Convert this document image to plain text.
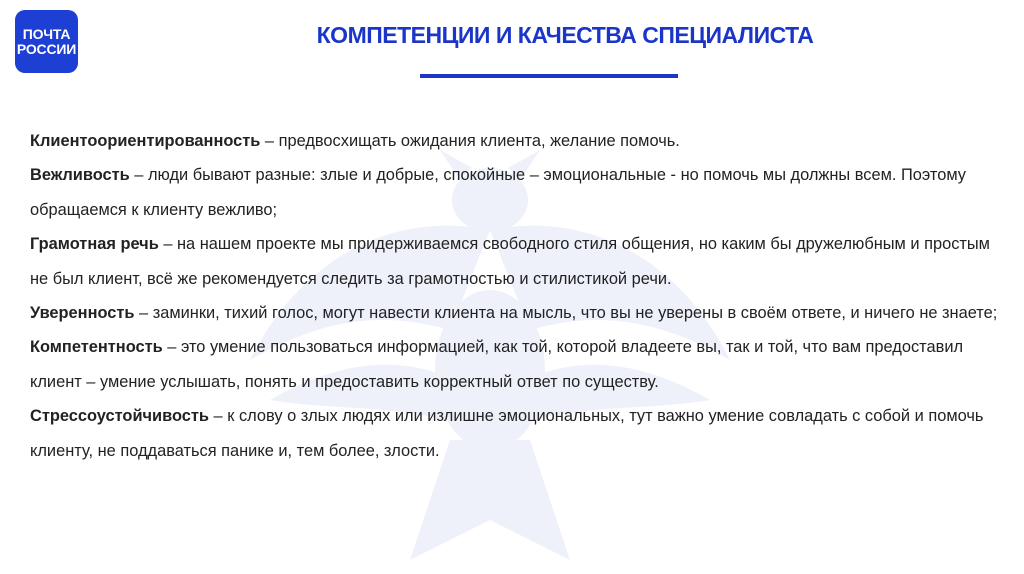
ПОЧТА
РОССИИ
КОМПЕТЕНЦИИ И КАЧЕСТВА СПЕЦИАЛИСТА

Клиентоориентированность – предвосхищать ожидания клиента, желание помочь.

Вежливость – люди бывают разные: злые и добрые, спокойные – эмоциональные - но помочь мы должны всем. Поэтому обращаемся к клиенту вежливо;

Грамотная речь – на нашем проекте мы придерживаемся свободного стиля общения, но каким бы дружелюбным и простым не был клиент, всё же рекомендуется следить за грамотностью и стилистикой речи.

Уверенность – заминки, тихий голос, могут навести клиента на мысль, что вы не уверены в своём ответе, и ничего не знаете;

Компетентность – это умение пользоваться информацией, как той, которой владеете вы, так и той, что вам предоставил клиент – умение услышать, понять и предоставить корректный ответ по существу.

Стрессоустойчивость – к слову о злых людях или излишне эмоциональных, тут важно умение совладать с собой и помочь клиенту, не поддаваться панике и, тем более, злости.
